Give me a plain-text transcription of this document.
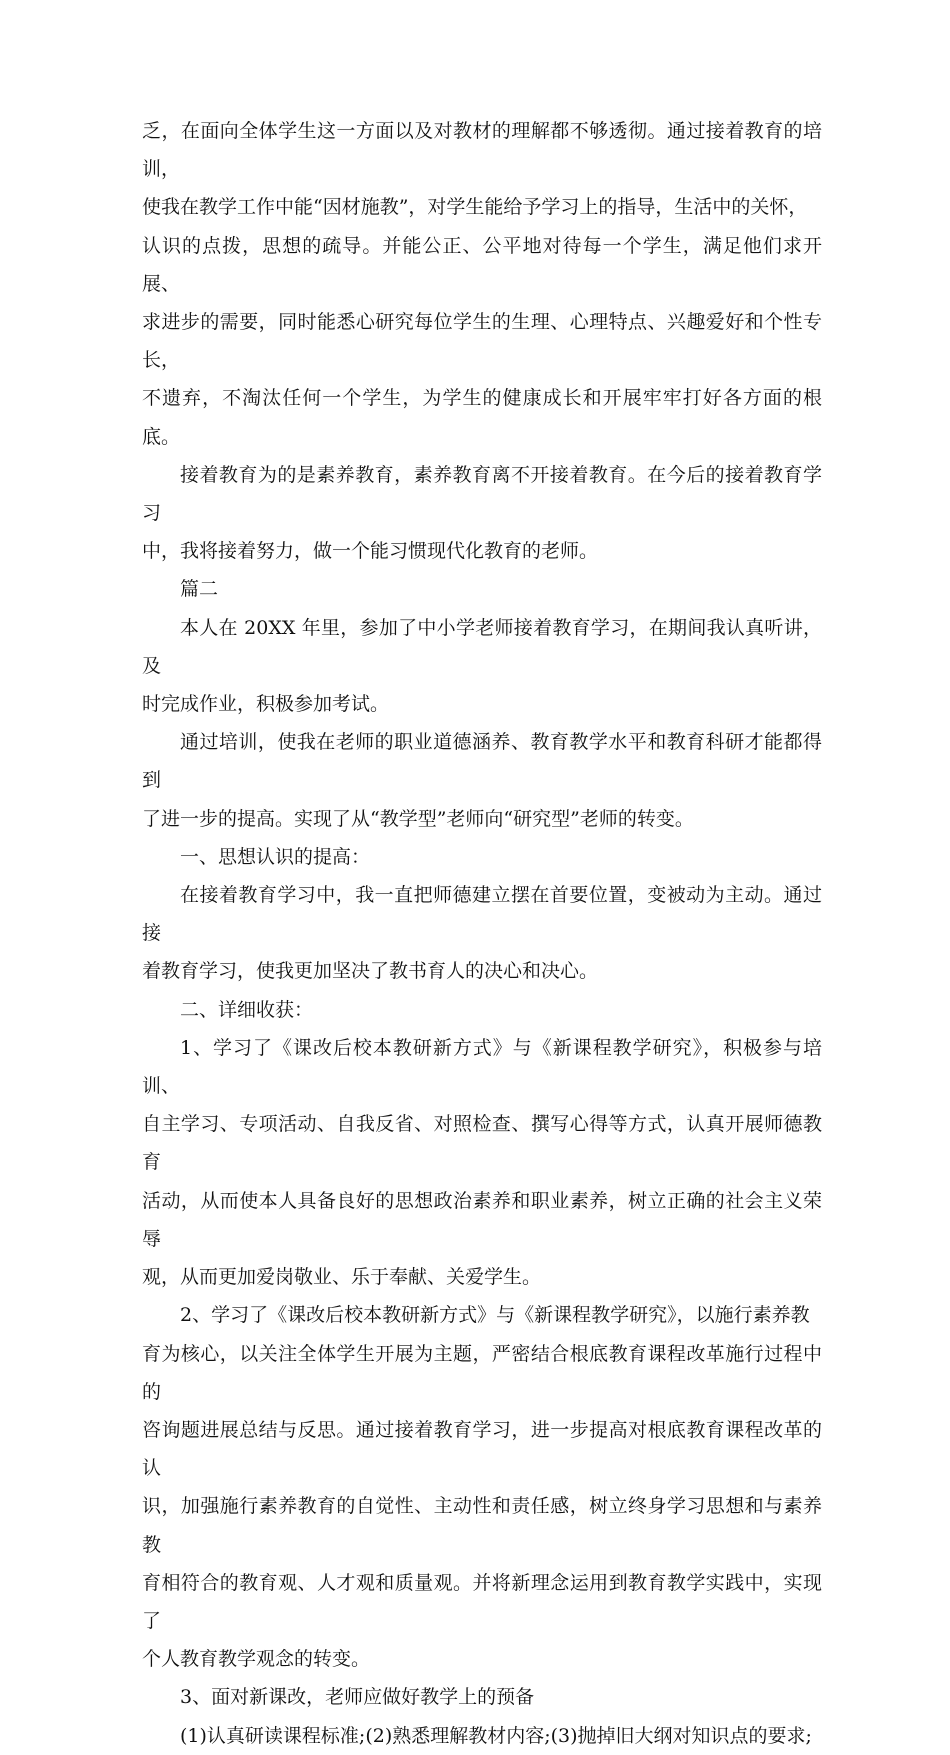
乏，在面向全体学生这一方面以及对教材的理解都不够透彻。通过接着教育的培训，

使我在教学工作中能“因材施教”，对学生能给予学习上的指导，生活中的关怀，

认识的点拨，思想的疏导。并能公正、公平地对待每一个学生，满足他们求开展、

求进步的需要，同时能悉心研究每位学生的生理、心理特点、兴趣爱好和个性专长，

不遗弃，不淘汰任何一个学生，为学生的健康成长和开展牢牢打好各方面的根底。

接着教育为的是素养教育，素养教育离不开接着教育。在今后的接着教育学习

中，我将接着努力，做一个能习惯现代化教育的老师。

篇二

本人在 20XX 年里，参加了中小学老师接着教育学习，在期间我认真听讲，及

时完成作业，积极参加考试。

通过培训，使我在老师的职业道德涵养、教育教学水平和教育科研才能都得到

了进一步的提高。实现了从“教学型”老师向“研究型”老师的转变。

一、思想认识的提高：

在接着教育学习中，我一直把师德建立摆在首要位置，变被动为主动。通过接

着教育学习，使我更加坚决了教书育人的决心和决心。

二、详细收获：

1、学习了《课改后校本教研新方式》与《新课程教学研究》，积极参与培训、

自主学习、专项活动、自我反省、对照检查、撰写心得等方式，认真开展师德教育

活动，从而使本人具备良好的思想政治素养和职业素养，树立正确的社会主义荣辱

观，从而更加爱岗敬业、乐于奉献、关爱学生。

2、学习了《课改后校本教研新方式》与《新课程教学研究》，以施行素养教

育为核心，以关注全体学生开展为主题，严密结合根底教育课程改革施行过程中的

咨询题进展总结与反思。通过接着教育学习，进一步提高对根底教育课程改革的认

识，加强施行素养教育的自觉性、主动性和责任感，树立终身学习思想和与素养教

育相符合的教育观、人才观和质量观。并将新理念运用到教育教学实践中，实现了

个人教育教学观念的转变。

3、面对新课改，老师应做好教学上的预备

(1)认真研读课程标准;(2)熟悉理解教材内容;(3)抛掉旧大纲对知识点的要求;
